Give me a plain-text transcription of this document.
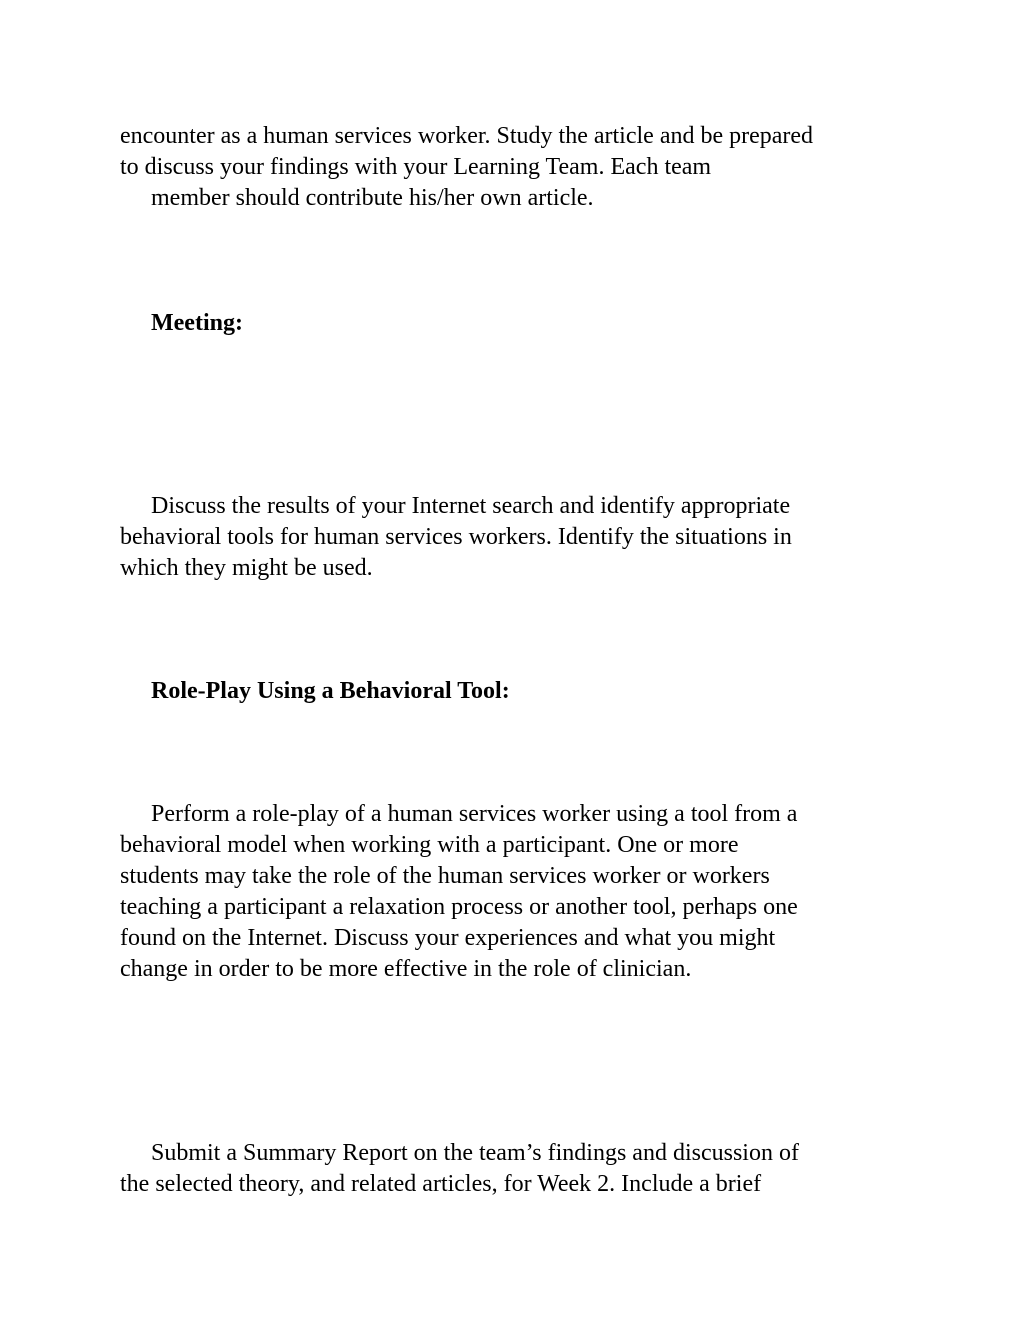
encounter as a human services worker. Study the article and be prepared
to discuss your findings with your Learning Team. Each team
member should contribute his/her own article.
Meeting:
Discuss the results of your Internet search and identify appropriate
behavioral tools for human services workers. Identify the situations in
which they might be used.
Role-Play Using a Behavioral Tool:
Perform a role-play of a human services worker using a tool from a
behavioral model when working with a participant. One or more
students may take the role of the human services worker or workers
teaching a participant a relaxation process or another tool, perhaps one
found on the Internet. Discuss your experiences and what you might
change in order to be more effective in the role of clinician.
Submit a Summary Report on the team’s findings and discussion of
the selected theory, and related articles, for Week 2. Include a brief
